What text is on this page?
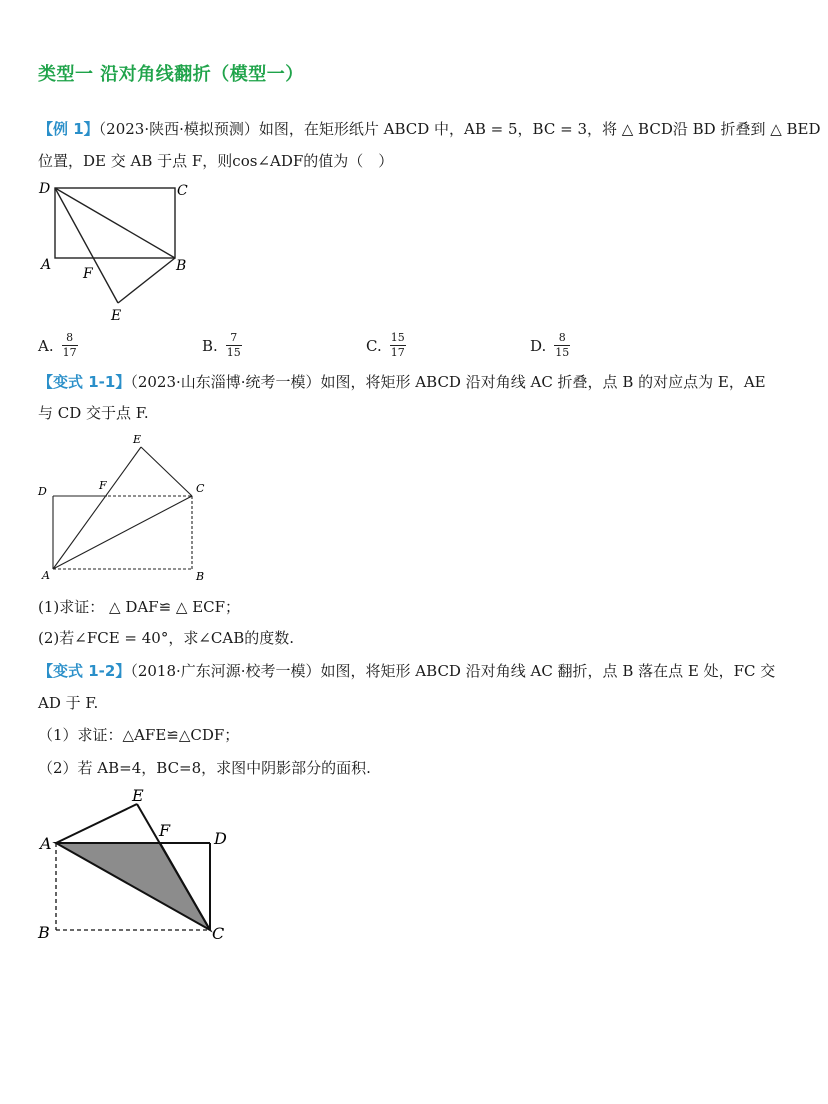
类型一 沿对角线翻折（模型一）
【例 1】（2023·陕西·模拟预测）如图，在矩形纸片 ABCD 中，AB = 5，BC = 3，将 △ BCD沿 BD 折叠到 △ BED
位置，DE 交 AB 于点 F，则cos∠ADF的值为（　）
D	C
A	B
F
E
A. $\frac{8}{17}$	B. $\frac{7}{15}$	C. $\frac{15}{17}$	D. $\frac{8}{15}$
【变式 1-1】（2023·山东淄博·统考一模）如图，将矩形 ABCD 沿对角线 AC 折叠，点 B 的对应点为 E，AE
与 CD 交于点 F.
D
E
F	C
A	B
(1)求证： △ DAF≌ △ ECF；
(2)若∠FCE = 40°，求∠CAB的度数.
【变式 1-2】（2018·广东河源·校考一模）如图，将矩形 ABCD 沿对角线 AC 翻折，点 B 落在点 E 处，FC 交
AD 于 F.
（1）求证：△AFE≌△CDF；
（2）若 AB=4，BC=8，求图中阴影部分的面积.
A
E
F	D
B	C
